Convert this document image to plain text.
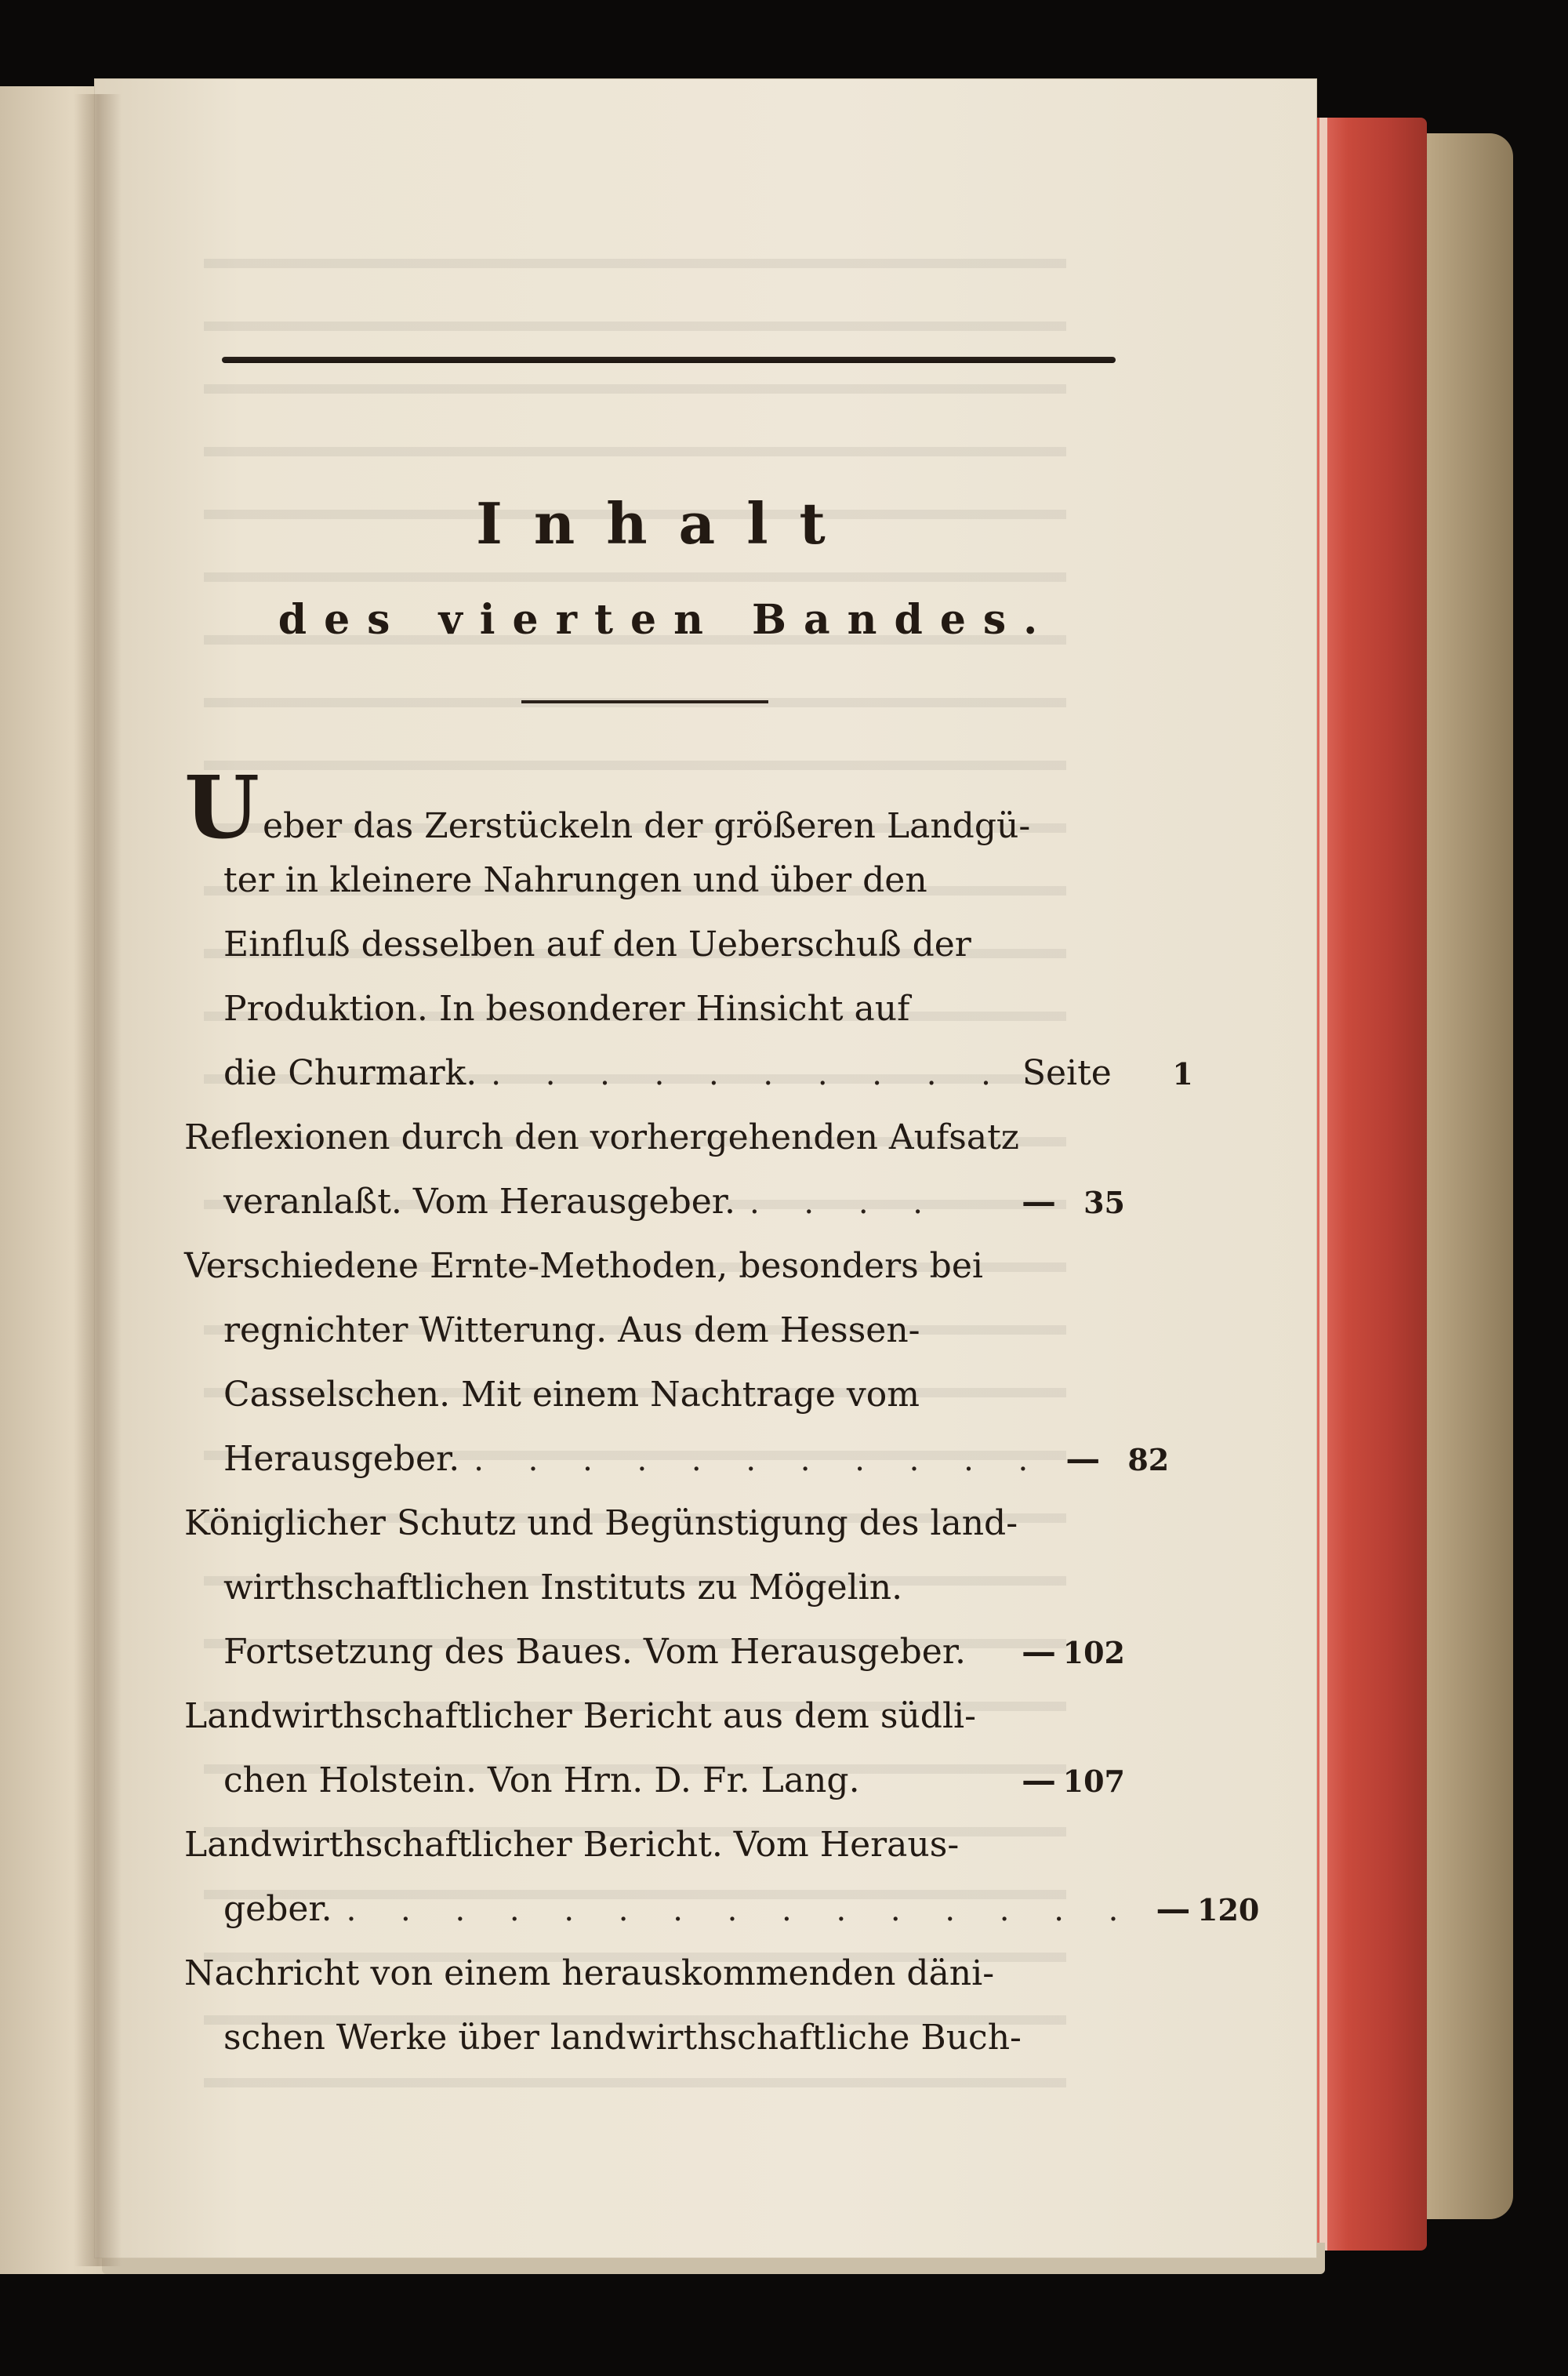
Inhalt
des vierten Bandes.
Ueber das Zerstückeln der größeren Landgü-
ter in kleinere Nahrungen und über den
Einfluß desselben auf den Ueberschuß der
Produktion. In besonderer Hinsicht auf
die Churmark. . . . . . . . . . . Seite	1
Reflexionen durch den vorhergehenden Aufsatz
veranlaßt. Vom Herausgeber. . . . .	— 35
Verschiedene Ernte-Methoden, besonders bei
regnichter Witterung. Aus dem Hessen-
Casselschen. Mit einem Nachtrage vom
Herausgeber. . . . . . . . . . . . — 82
Königlicher Schutz und Begünstigung des land-
wirthschaftlichen Instituts zu Mögelin.
Fortsetzung des Baues. Vom Herausgeber. — 102
Landwirthschaftlicher Bericht aus dem südli-
chen Holstein. Von Hrn. D. Fr. Lang.	— 107
Landwirthschaftlicher Bericht. Vom Heraus-
geber. . . . . . . . . . . . . . . . — 120
Nachricht von einem herauskommenden däni-
schen Werke über landwirthschaftliche Buch-
